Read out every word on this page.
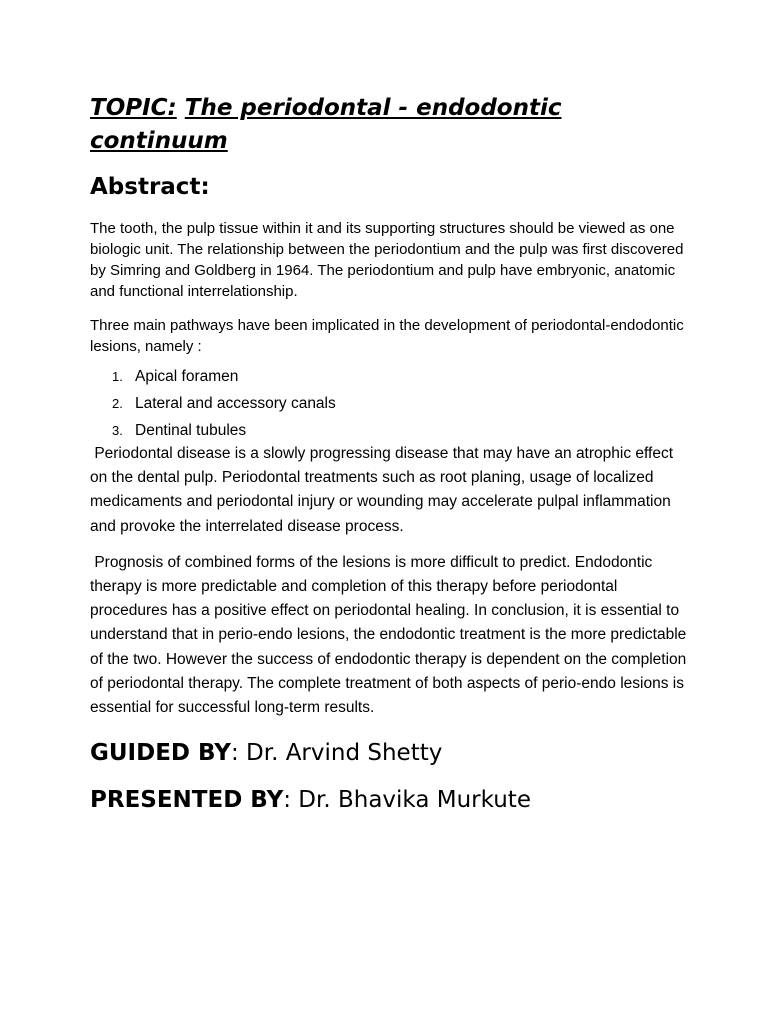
TOPIC: The periodontal - endodontic continuum
Abstract:

The tooth, the pulp tissue within it and its supporting structures should be viewed as one biologic unit. The relationship between the periodontium and the pulp was first discovered by Simring and Goldberg in 1964. The periodontium and pulp have embryonic, anatomic and functional interrelationship.

Three main pathways have been implicated in the development of periodontal-endodontic lesions, namely :

1. Apical foramen
2. Lateral and accessory canals
3. Dentinal tubules

Periodontal disease is a slowly progressing disease that may have an atrophic effect on the dental pulp. Periodontal treatments such as root planing, usage of localized medicaments and periodontal injury or wounding may accelerate pulpal inflammation and provoke the interrelated disease process.

Prognosis of combined forms of the lesions is more difficult to predict. Endodontic therapy is more predictable and completion of this therapy before periodontal procedures has a positive effect on periodontal healing. In conclusion, it is essential to understand that in perio-endo lesions, the endodontic treatment is the more predictable of the two. However the success of endodontic therapy is dependent on the completion of periodontal therapy. The complete treatment of both aspects of perio-endo lesions is essential for successful long-term results.

GUIDED BY: Dr. Arvind Shetty

PRESENTED BY: Dr. Bhavika Murkute
